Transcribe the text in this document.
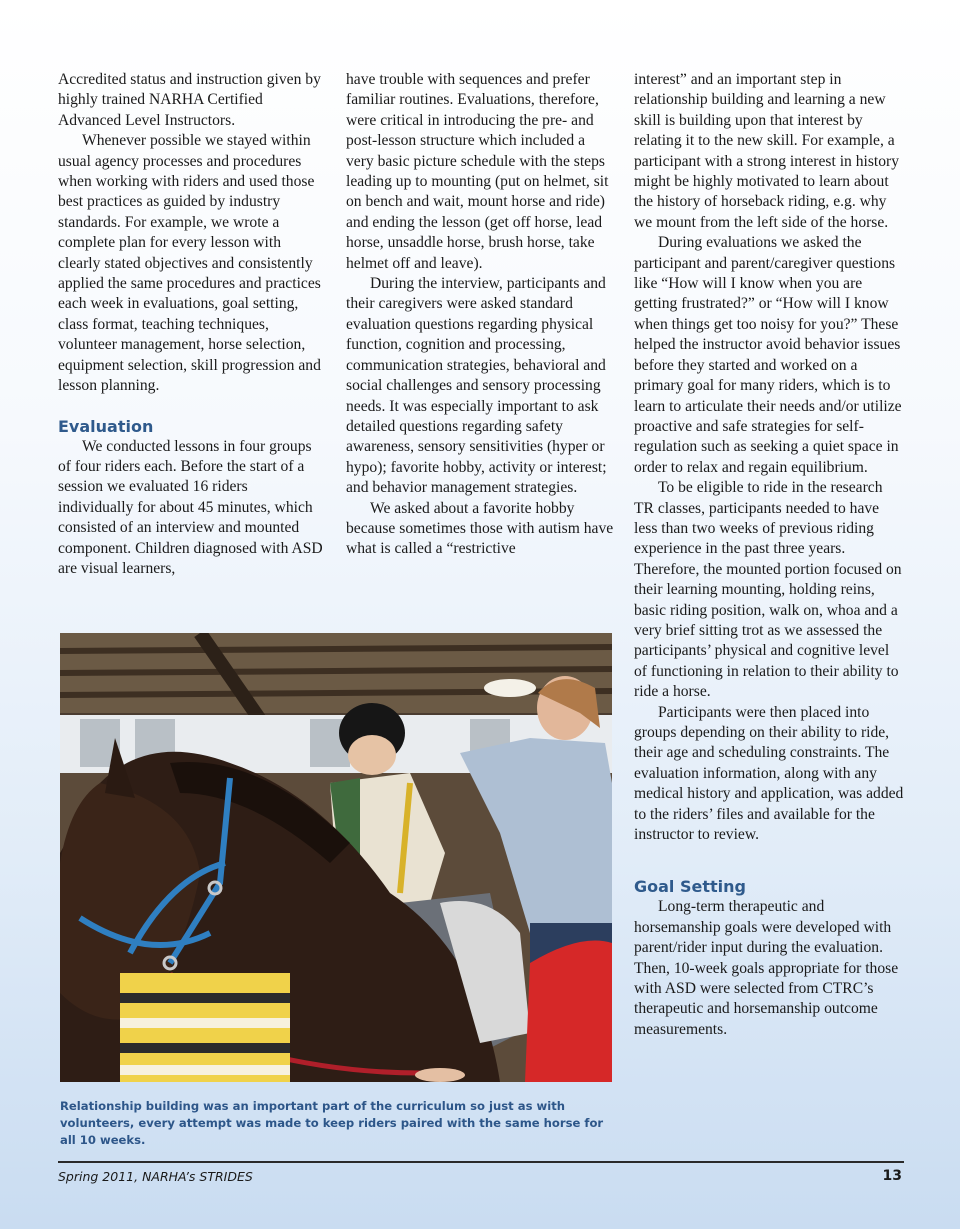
Accredited status and instruction given by highly trained NARHA Certified Advanced Level Instructors.

Whenever possible we stayed within usual agency processes and procedures when working with riders and used those best practices as guided by industry standards. For example, we wrote a complete plan for every lesson with clearly stated objectives and consistently applied the same procedures and practices each week in evaluations, goal setting, class format, teaching techniques, volunteer management, horse selection, equipment selection, skill progression and lesson planning.

Evaluation

We conducted lessons in four groups of four riders each. Before the start of a session we evaluated 16 riders individually for about 45 minutes, which consisted of an interview and mounted component. Children diagnosed with ASD are visual learners,

have trouble with sequences and prefer familiar routines. Evaluations, therefore, were critical in introducing the pre- and post-lesson structure which included a very basic picture schedule with the steps leading up to mounting (put on helmet, sit on bench and wait, mount horse and ride) and ending the lesson (get off horse, lead horse, unsaddle horse, brush horse, take helmet off and leave).

During the interview, participants and their caregivers were asked standard evaluation questions regarding physical function, cognition and processing, communication strategies, behavioral and social challenges and sensory processing needs. It was especially important to ask detailed questions regarding safety awareness, sensory sensitivities (hyper or hypo); favorite hobby, activity or interest; and behavior management strategies.

We asked about a favorite hobby because sometimes those with autism have what is called a “restrictive

interest” and an important step in relationship building and learning a new skill is building upon that interest by relating it to the new skill. For example, a participant with a strong interest in history might be highly motivated to learn about the history of horseback riding, e.g. why we mount from the left side of the horse.

During evaluations we asked the participant and parent/caregiver questions like “How will I know when you are getting frustrated?” or “How will I know when things get too noisy for you?” These helped the instructor avoid behavior issues before they started and worked on a primary goal for many riders, which is to learn to articulate their needs and/or utilize proactive and safe strategies for self-regulation such as seeking a quiet space in order to relax and regain equilibrium.

To be eligible to ride in the research TR classes, participants needed to have less than two weeks of previous riding experience in the past three years. Therefore, the mounted portion focused on their learning mounting, holding reins, basic riding position, walk on, whoa and a very brief sitting trot as we assessed the participants’ physical and cognitive level of functioning in relation to their ability to ride a horse.

Participants were then placed into groups depending on their ability to ride, their age and scheduling constraints. The evaluation information, along with any medical history and application, was added to the riders’ files and available for the instructor to review.

Goal Setting

Long-term therapeutic and horsemanship goals were developed with parent/rider input during the evaluation. Then, 10-week goals appropriate for those with ASD were selected from CTRC’s therapeutic and horsemanship outcome measurements.

Relationship building was an important part of the curriculum so just as with volunteers, every attempt was made to keep riders paired with the same horse for all 10 weeks.
Spring 2011, NARHA’s STRIDES	13
